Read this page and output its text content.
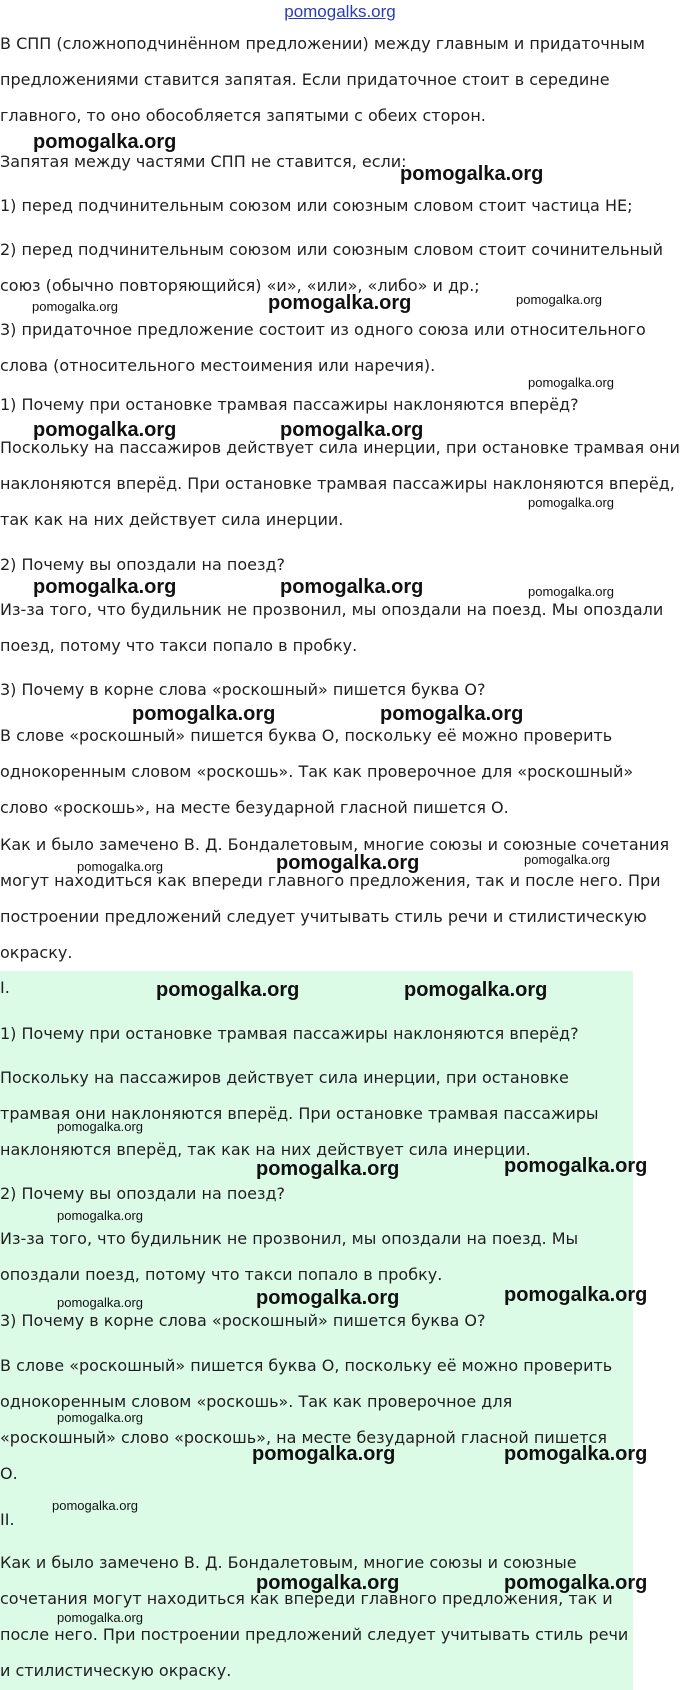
pomogalks.org

В СПП (сложноподчинённом предложении) между главным и придаточным предложениями ставится запятая. Если придаточное стоит в середине главного, то оно обособляется запятыми с обеих сторон.

Запятая между частями СПП не ставится, если:

1) перед подчинительным союзом или союзным словом стоит частица НЕ;

2) перед подчинительным союзом или союзным словом стоит сочинительный союз (обычно повторяющийся) «и», «или», «либо» и др.;

3) придаточное предложение состоит из одного союза или относительного слова (относительного местоимения или наречия).

1) Почему при остановке трамвая пассажиры наклоняются вперёд?

Поскольку на пассажиров действует сила инерции, при остановке трамвая они наклоняются вперёд. При остановке трамвая пассажиры наклоняются вперёд, так как на них действует сила инерции.

2) Почему вы опоздали на поезд?

Из-за того, что будильник не прозвонил, мы опоздали на поезд. Мы опоздали поезд, потому что такси попало в пробку.

3) Почему в корне слова «роскошный» пишется буква О?

В слове «роскошный» пишется буква О, поскольку её можно проверить однокоренным словом «роскошь». Так как проверочное для «роскошный» слово «роскошь», на месте безударной гласной пишется О.

Как и было замечено В. Д. Бондалетовым, многие союзы и союзные сочетания могут находиться как впереди главного предложения, так и после него. При построении предложений следует учитывать стиль речи и стилистическую окраску.

I.

1) Почему при остановке трамвая пассажиры наклоняются вперёд?

Поскольку на пассажиров действует сила инерции, при остановке
трамвая они наклоняются вперёд. При остановке трамвая пассажиры
наклоняются вперёд, так как на них действует сила инерции.

2) Почему вы опоздали на поезд?

Из-за того, что будильник не прозвонил, мы опоздали на поезд. Мы
опоздали поезд, потому что такси попало в пробку.

3) Почему в корне слова «роскошный» пишется буква О?

В слове «роскошный» пишется буква О, поскольку её можно проверить
однокоренным словом «роскошь». Так как проверочное для
«роскошный» слово «роскошь», на месте безударной гласной пишется
О.

II.

Как и было замечено В. Д. Бондалетовым, многие союзы и союзные
сочетания могут находиться как впереди главного предложения, так и
после него. При построении предложений следует учитывать стиль речи
и стилистическую окраску.

pomogalka.org
pomogalka.org
pomogalka.org
pomogalka.org	pomogalka.org
pomogalka.org
pomogalka.org	pomogalka.org
pomogalka.org
pomogalka.org	pomogalka.org	pomogalka.org
pomogalka.org	pomogalka.org
pomogalka.org	pomogalka.org	pomogalka.org
pomogalka.org	pomogalka.org
pomogalka.org
pomogalka.org	pomogalka.org
pomogalka.org
pomogalka.org	pomogalka.org	pomogalka.org
pomogalka.org
pomogalka.org	pomogalka.org
pomogalka.org
pomogalka.org	pomogalka.org
pomogalka.org
